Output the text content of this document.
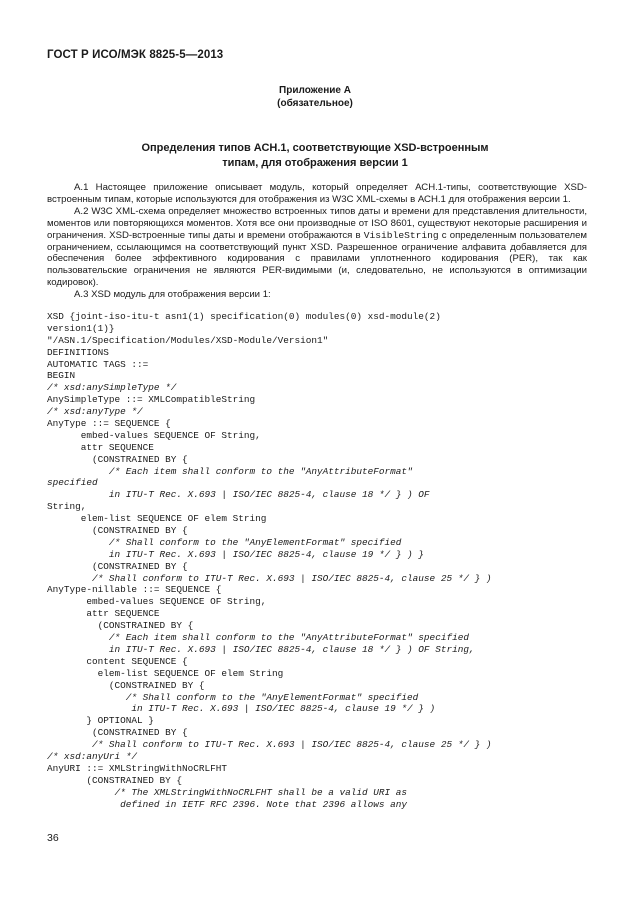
ГОСТ Р ИСО/МЭК 8825-5—2013
Приложение А
(обязательное)
Определения типов АСН.1, соответствующие XSD-встроенным
типам, для отображения версии 1

А.1 Настоящее приложение описывает модуль, который определяет АСН.1-типы, соответствующие XSD-встроенным типам, которые используются для отображения из W3C XML-схемы в АСН.1 для отображения версии 1.

А.2 W3C XML-схема определяет множество встроенных типов даты и времени для представления длительности, моментов или повторяющихся моментов. Хотя все они производные от ISO 8601, существуют некоторые расширения и ограничения. XSD-встроенные типы даты и времени отображаются в VisibleString с определенным пользователем ограничением, ссылающимся на соответствующий пункт XSD. Разрешенное ограничение алфавита добавляется для обеспечения более эффективного кодирования с правилами уплотненного кодирования (PER), так как пользовательские ограничения не являются PER-видимыми (и, следовательно, не используются в оптимизации кодировок).

А.3 XSD модуль для отображения версии 1:

XSD {joint-iso-itu-t asn1(1) specification(0) modules(0) xsd-module(2)
version1(1)}
"/ASN.1/Specification/Modules/XSD-Module/Version1"
DEFINITIONS
AUTOMATIC TAGS ::=
BEGIN
/* xsd:anySimpleType */
AnySimpleType ::= XMLCompatibleString
/* xsd:anyType */
AnyType ::= SEQUENCE {
embed-values SEQUENCE OF String,
attr SEQUENCE
(CONSTRAINED BY {
/* Each item shall conform to the "AnyAttributeFormat"
specified
in ITU-T Rec. X.693 | ISO/IEC 8825-4, clause 18 */ } ) OF
String,
elem-list SEQUENCE OF elem String
(CONSTRAINED BY {
/* Shall conform to the "AnyElementFormat" specified
in ITU-T Rec. X.693 | ISO/IEC 8825-4, clause 19 */ } ) }
(CONSTRAINED BY {
/* Shall conform to ITU-T Rec. X.693 | ISO/IEC 8825-4, clause 25 */ } )
AnyType-nillable ::= SEQUENCE {
embed-values SEQUENCE OF String,
attr SEQUENCE
(CONSTRAINED BY {
/* Each item shall conform to the "AnyAttributeFormat" specified
in ITU-T Rec. X.693 | ISO/IEC 8825-4, clause 18 */ } ) OF String,
content SEQUENCE {
elem-list SEQUENCE OF elem String
(CONSTRAINED BY {
/* Shall conform to the "AnyElementFormat" specified
in ITU-T Rec. X.693 | ISO/IEC 8825-4, clause 19 */ } )
} OPTIONAL }
(CONSTRAINED BY {
/* Shall conform to ITU-T Rec. X.693 | ISO/IEC 8825-4, clause 25 */ } )
/* xsd:anyUri */
AnyURI ::= XMLStringWithNoCRLFHT
(CONSTRAINED BY {
/* The XMLStringWithNoCRLFHT shall be a valid URI as
defined in IETF RFC 2396. Note that 2396 allows any
36
